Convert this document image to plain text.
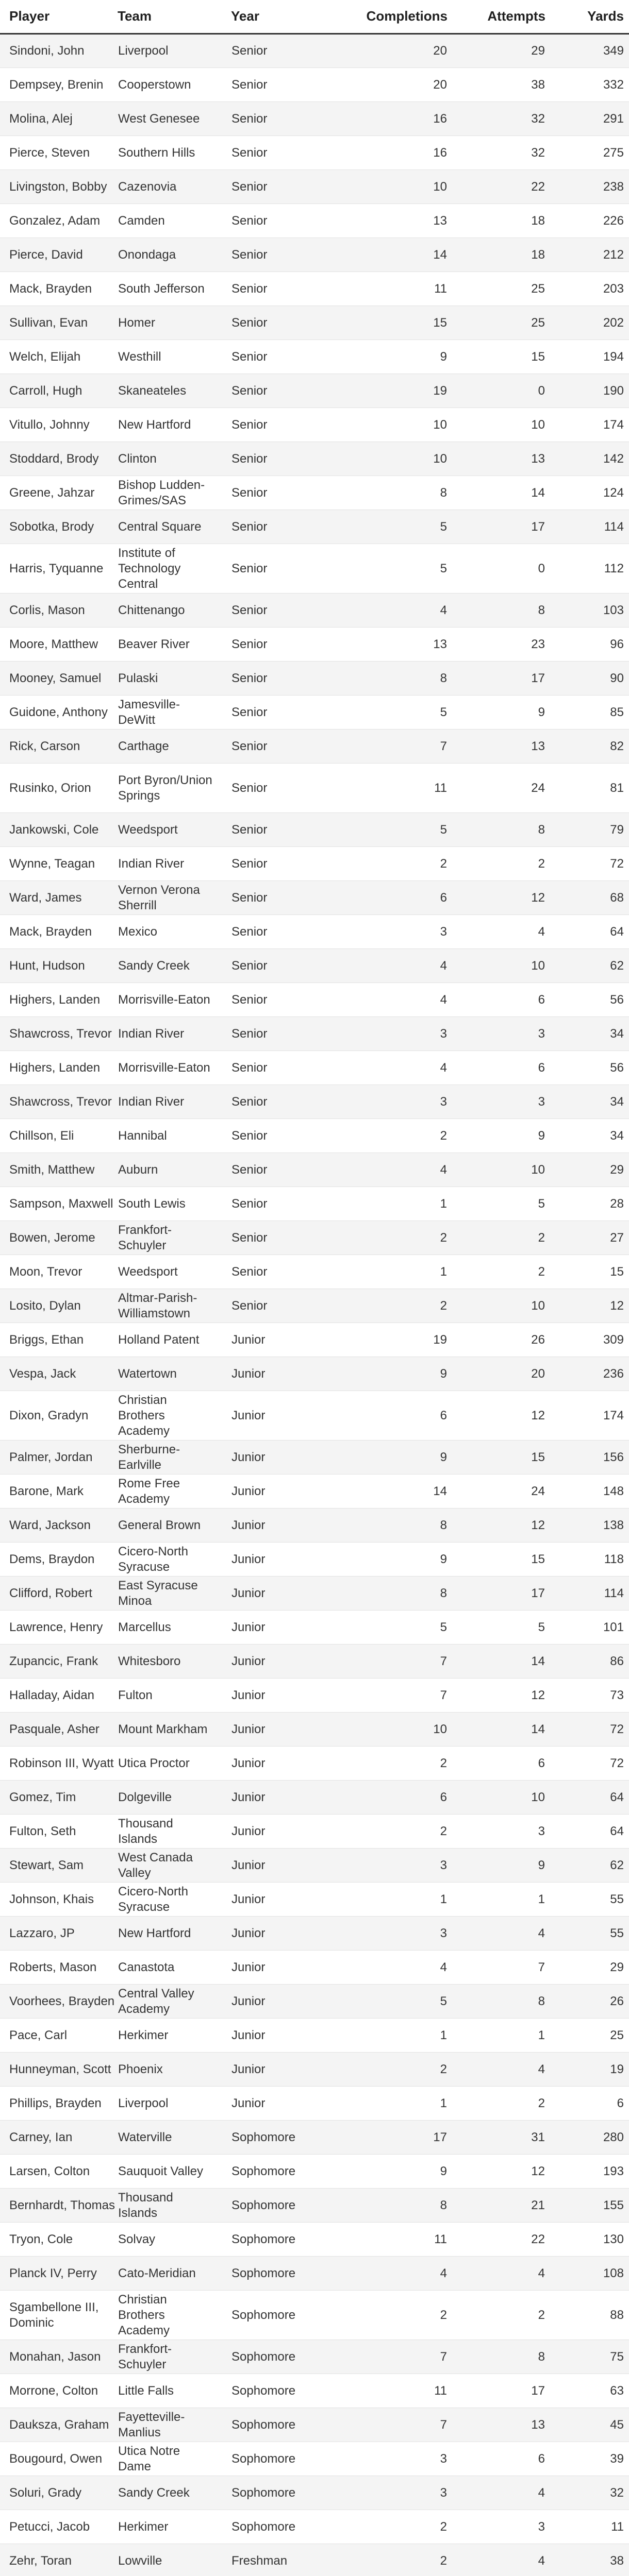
Player	Team	Year	Completions	Attempts	Yards
Sindoni, John	Liverpool	Senior	20	29	349
Dempsey, Brenin	Cooperstown	Senior	20	38	332
Molina, Alej	West Genesee	Senior	16	32	291
Pierce, Steven	Southern Hills	Senior	16	32	275
Livingston, Bobby	Cazenovia	Senior	10	22	238
Gonzalez, Adam	Camden	Senior	13	18	226
Pierce, David	Onondaga	Senior	14	18	212
Mack, Brayden	South Jefferson	Senior	11	25	203
Sullivan, Evan	Homer	Senior	15	25	202
Welch, Elijah	Westhill	Senior	9	15	194
Carroll, Hugh	Skaneateles	Senior	19	0	190
Vitullo, Johnny	New Hartford	Senior	10	10	174
Stoddard, Brody	Clinton	Senior	10	13	142
Greene, Jahzar	Bishop Ludden-Grimes/SAS	Senior	8	14	124
Sobotka, Brody	Central Square	Senior	5	17	114
Harris, Tyquanne	Institute of Technology Central	Senior	5	0	112
Corlis, Mason	Chittenango	Senior	4	8	103
Moore, Matthew	Beaver River	Senior	13	23	96
Mooney, Samuel	Pulaski	Senior	8	17	90
Guidone, Anthony	Jamesville-DeWitt	Senior	5	9	85
Rick, Carson	Carthage	Senior	7	13	82
Rusinko, Orion	Port Byron/Union Springs	Senior	11	24	81
Jankowski, Cole	Weedsport	Senior	5	8	79
Wynne, Teagan	Indian River	Senior	2	2	72
Ward, James	Vernon Verona Sherrill	Senior	6	12	68
Mack, Brayden	Mexico	Senior	3	4	64
Hunt, Hudson	Sandy Creek	Senior	4	10	62
Highers, Landen	Morrisville-Eaton	Senior	4	6	56
Shawcross, Trevor	Indian River	Senior	3	3	34
Highers, Landen	Morrisville-Eaton	Senior	4	6	56
Shawcross, Trevor	Indian River	Senior	3	3	34
Chillson, Eli	Hannibal	Senior	2	9	34
Smith, Matthew	Auburn	Senior	4	10	29
Sampson, Maxwell	South Lewis	Senior	1	5	28
Bowen, Jerome	Frankfort-Schuyler	Senior	2	2	27
Moon, Trevor	Weedsport	Senior	1	2	15
Losito, Dylan	Altmar-Parish-Williamstown	Senior	2	10	12
Briggs, Ethan	Holland Patent	Junior	19	26	309
Vespa, Jack	Watertown	Junior	9	20	236
Dixon, Gradyn	Christian Brothers Academy	Junior	6	12	174
Palmer, Jordan	Sherburne-Earlville	Junior	9	15	156
Barone, Mark	Rome Free Academy	Junior	14	24	148
Ward, Jackson	General Brown	Junior	8	12	138
Dems, Braydon	Cicero-North Syracuse	Junior	9	15	118
Clifford, Robert	East Syracuse Minoa	Junior	8	17	114
Lawrence, Henry	Marcellus	Junior	5	5	101
Zupancic, Frank	Whitesboro	Junior	7	14	86
Halladay, Aidan	Fulton	Junior	7	12	73
Pasquale, Asher	Mount Markham	Junior	10	14	72
Robinson III, Wyatt	Utica Proctor	Junior	2	6	72
Gomez, Tim	Dolgeville	Junior	6	10	64
Fulton, Seth	Thousand Islands	Junior	2	3	64
Stewart, Sam	West Canada Valley	Junior	3	9	62
Johnson, Khais	Cicero-North Syracuse	Junior	1	1	55
Lazzaro, JP	New Hartford	Junior	3	4	55
Roberts, Mason	Canastota	Junior	4	7	29
Voorhees, Brayden	Central Valley Academy	Junior	5	8	26
Pace, Carl	Herkimer	Junior	1	1	25
Hunneyman, Scott	Phoenix	Junior	2	4	19
Phillips, Brayden	Liverpool	Junior	1	2	6
Carney, Ian	Waterville	Sophomore	17	31	280
Larsen, Colton	Sauquoit Valley	Sophomore	9	12	193
Bernhardt, Thomas	Thousand Islands	Sophomore	8	21	155
Tryon, Cole	Solvay	Sophomore	11	22	130
Planck IV, Perry	Cato-Meridian	Sophomore	4	4	108
Sgambellone III, Dominic	Christian Brothers Academy	Sophomore	2	2	88
Monahan, Jason	Frankfort-Schuyler	Sophomore	7	8	75
Morrone, Colton	Little Falls	Sophomore	11	17	63
Dauksza, Graham	Fayetteville-Manlius	Sophomore	7	13	45
Bougourd, Owen	Utica Notre Dame	Sophomore	3	6	39
Soluri, Grady	Sandy Creek	Sophomore	3	4	32
Petucci, Jacob	Herkimer	Sophomore	2	3	11
Zehr, Toran	Lowville	Freshman	2	4	38
